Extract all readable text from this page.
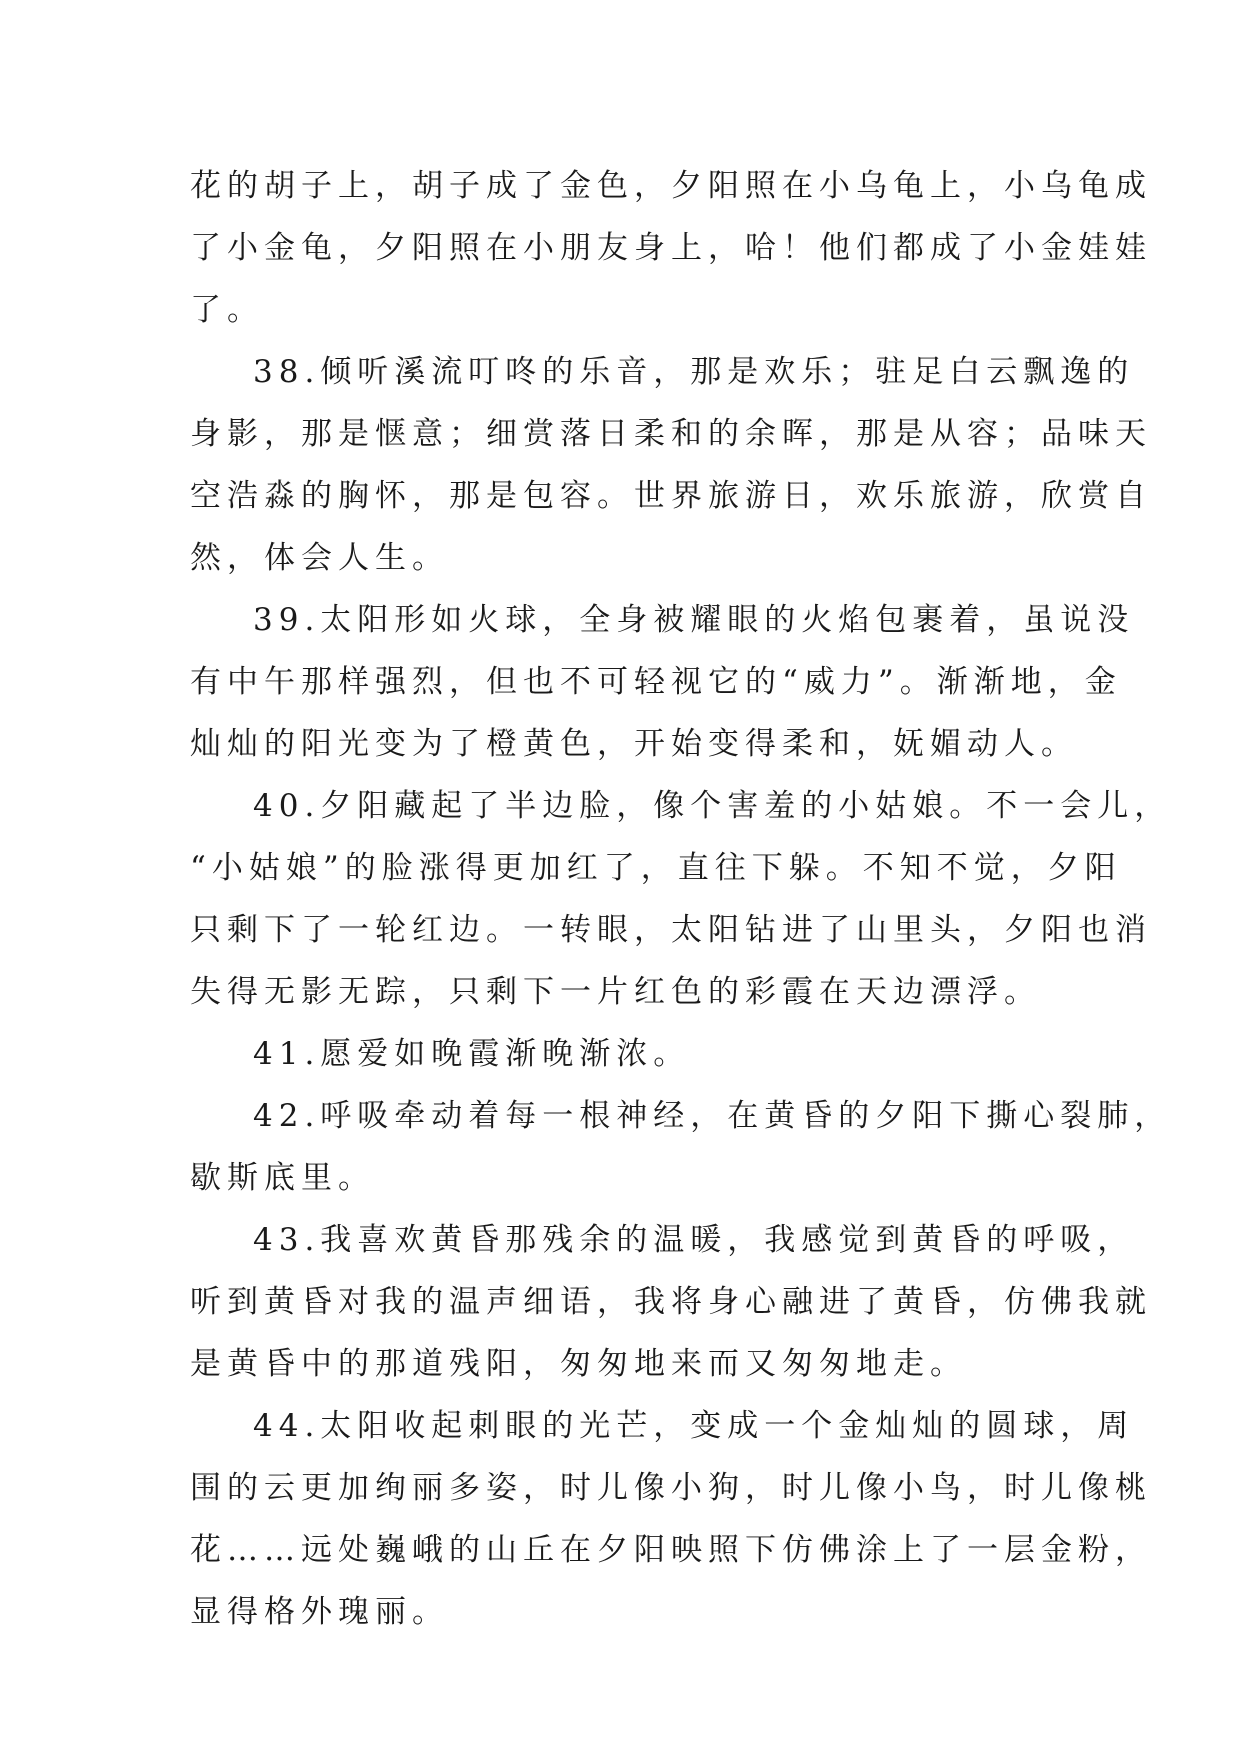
花的胡子上，胡子成了金色，夕阳照在小乌龟上，小乌龟成
了小金龟，夕阳照在小朋友身上，哈！他们都成了小金娃娃
了。
38.倾听溪流叮咚的乐音，那是欢乐；驻足白云飘逸的
身影，那是惬意；细赏落日柔和的余晖，那是从容；品味天
空浩淼的胸怀，那是包容。世界旅游日，欢乐旅游，欣赏自
然，体会人生。
39.太阳形如火球，全身被耀眼的火焰包裹着，虽说没
有中午那样强烈，但也不可轻视它的“威力”。渐渐地，金
灿灿的阳光变为了橙黄色，开始变得柔和，妩媚动人。
40.夕阳藏起了半边脸，像个害羞的小姑娘。不一会儿，
“小姑娘”的脸涨得更加红了，直往下躲。不知不觉，夕阳
只剩下了一轮红边。一转眼，太阳钻进了山里头，夕阳也消
失得无影无踪，只剩下一片红色的彩霞在天边漂浮。
41.愿爱如晚霞渐晚渐浓。
42.呼吸牵动着每一根神经，在黄昏的夕阳下撕心裂肺，
歇斯底里。
43.我喜欢黄昏那残余的温暖，我感觉到黄昏的呼吸，
听到黄昏对我的温声细语，我将身心融进了黄昏，仿佛我就
是黄昏中的那道残阳，匆匆地来而又匆匆地走。
44.太阳收起刺眼的光芒，变成一个金灿灿的圆球，周
围的云更加绚丽多姿，时儿像小狗，时儿像小鸟，时儿像桃
花……远处巍峨的山丘在夕阳映照下仿佛涂上了一层金粉，
显得格外瑰丽。
